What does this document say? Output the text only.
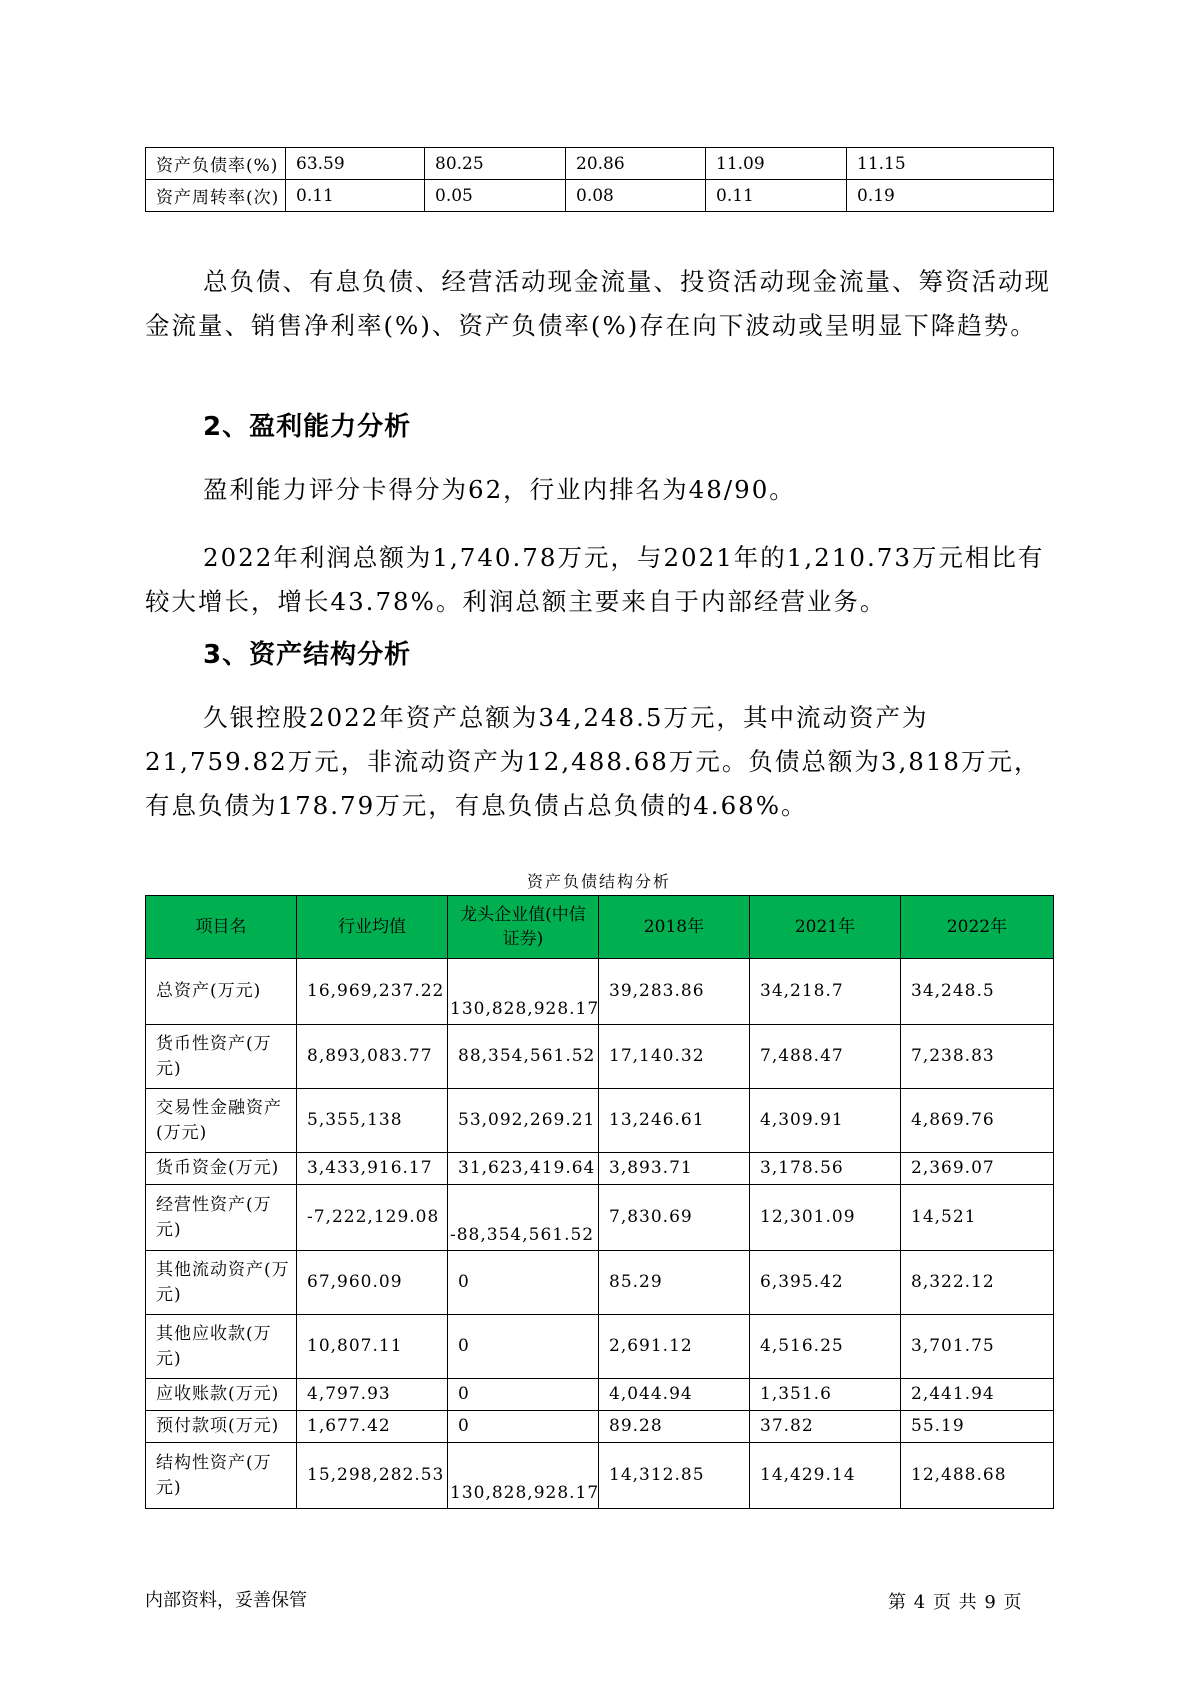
资产负债率(%)	63.59	80.25	20.86	11.09	11.15
资产周转率(次)	0.11	0.05	0.08	0.11	0.19

总负债、有息负债、经营活动现金流量、投资活动现金流量、筹资活动现金流量、销售净利率(%)、资产负债率(%)存在向下波动或呈明显下降趋势。

2、盈利能力分析

盈利能力评分卡得分为62，行业内排名为48/90。

2022年利润总额为1,740.78万元，与2021年的1,210.73万元相比有较大增长，增长43.78%。利润总额主要来自于内部经营业务。

3、资产结构分析

久银控股2022年资产总额为34,248.5万元，其中流动资产为21,759.82万元，非流动资产为12,488.68万元。负债总额为3,818万元，有息负债为178.79万元，有息负债占总负债的4.68%。

资产负债结构分析
项目名	行业均值	龙头企业值(中信证券)	2018年	2021年	2022年
总资产(万元)	16,969,237.22	130,828,928.17	39,283.86	34,218.7	34,248.5
货币性资产(万元)	8,893,083.77	88,354,561.52	17,140.32	7,488.47	7,238.83
交易性金融资产(万元)	5,355,138	53,092,269.21	13,246.61	4,309.91	4,869.76
货币资金(万元)	3,433,916.17	31,623,419.64	3,893.71	3,178.56	2,369.07
经营性资产(万元)	-7,222,129.08	-88,354,561.52	7,830.69	12,301.09	14,521
其他流动资产(万元)	67,960.09	0	85.29	6,395.42	8,322.12
其他应收款(万元)	10,807.11	0	2,691.12	4,516.25	3,701.75
应收账款(万元)	4,797.93	0	4,044.94	1,351.6	2,441.94
预付款项(万元)	1,677.42	0	89.28	37.82	55.19
结构性资产(万元)	15,298,282.53	130,828,928.17	14,312.85	14,429.14	12,488.68
内部资料，妥善保管	第 4 页 共 9 页
